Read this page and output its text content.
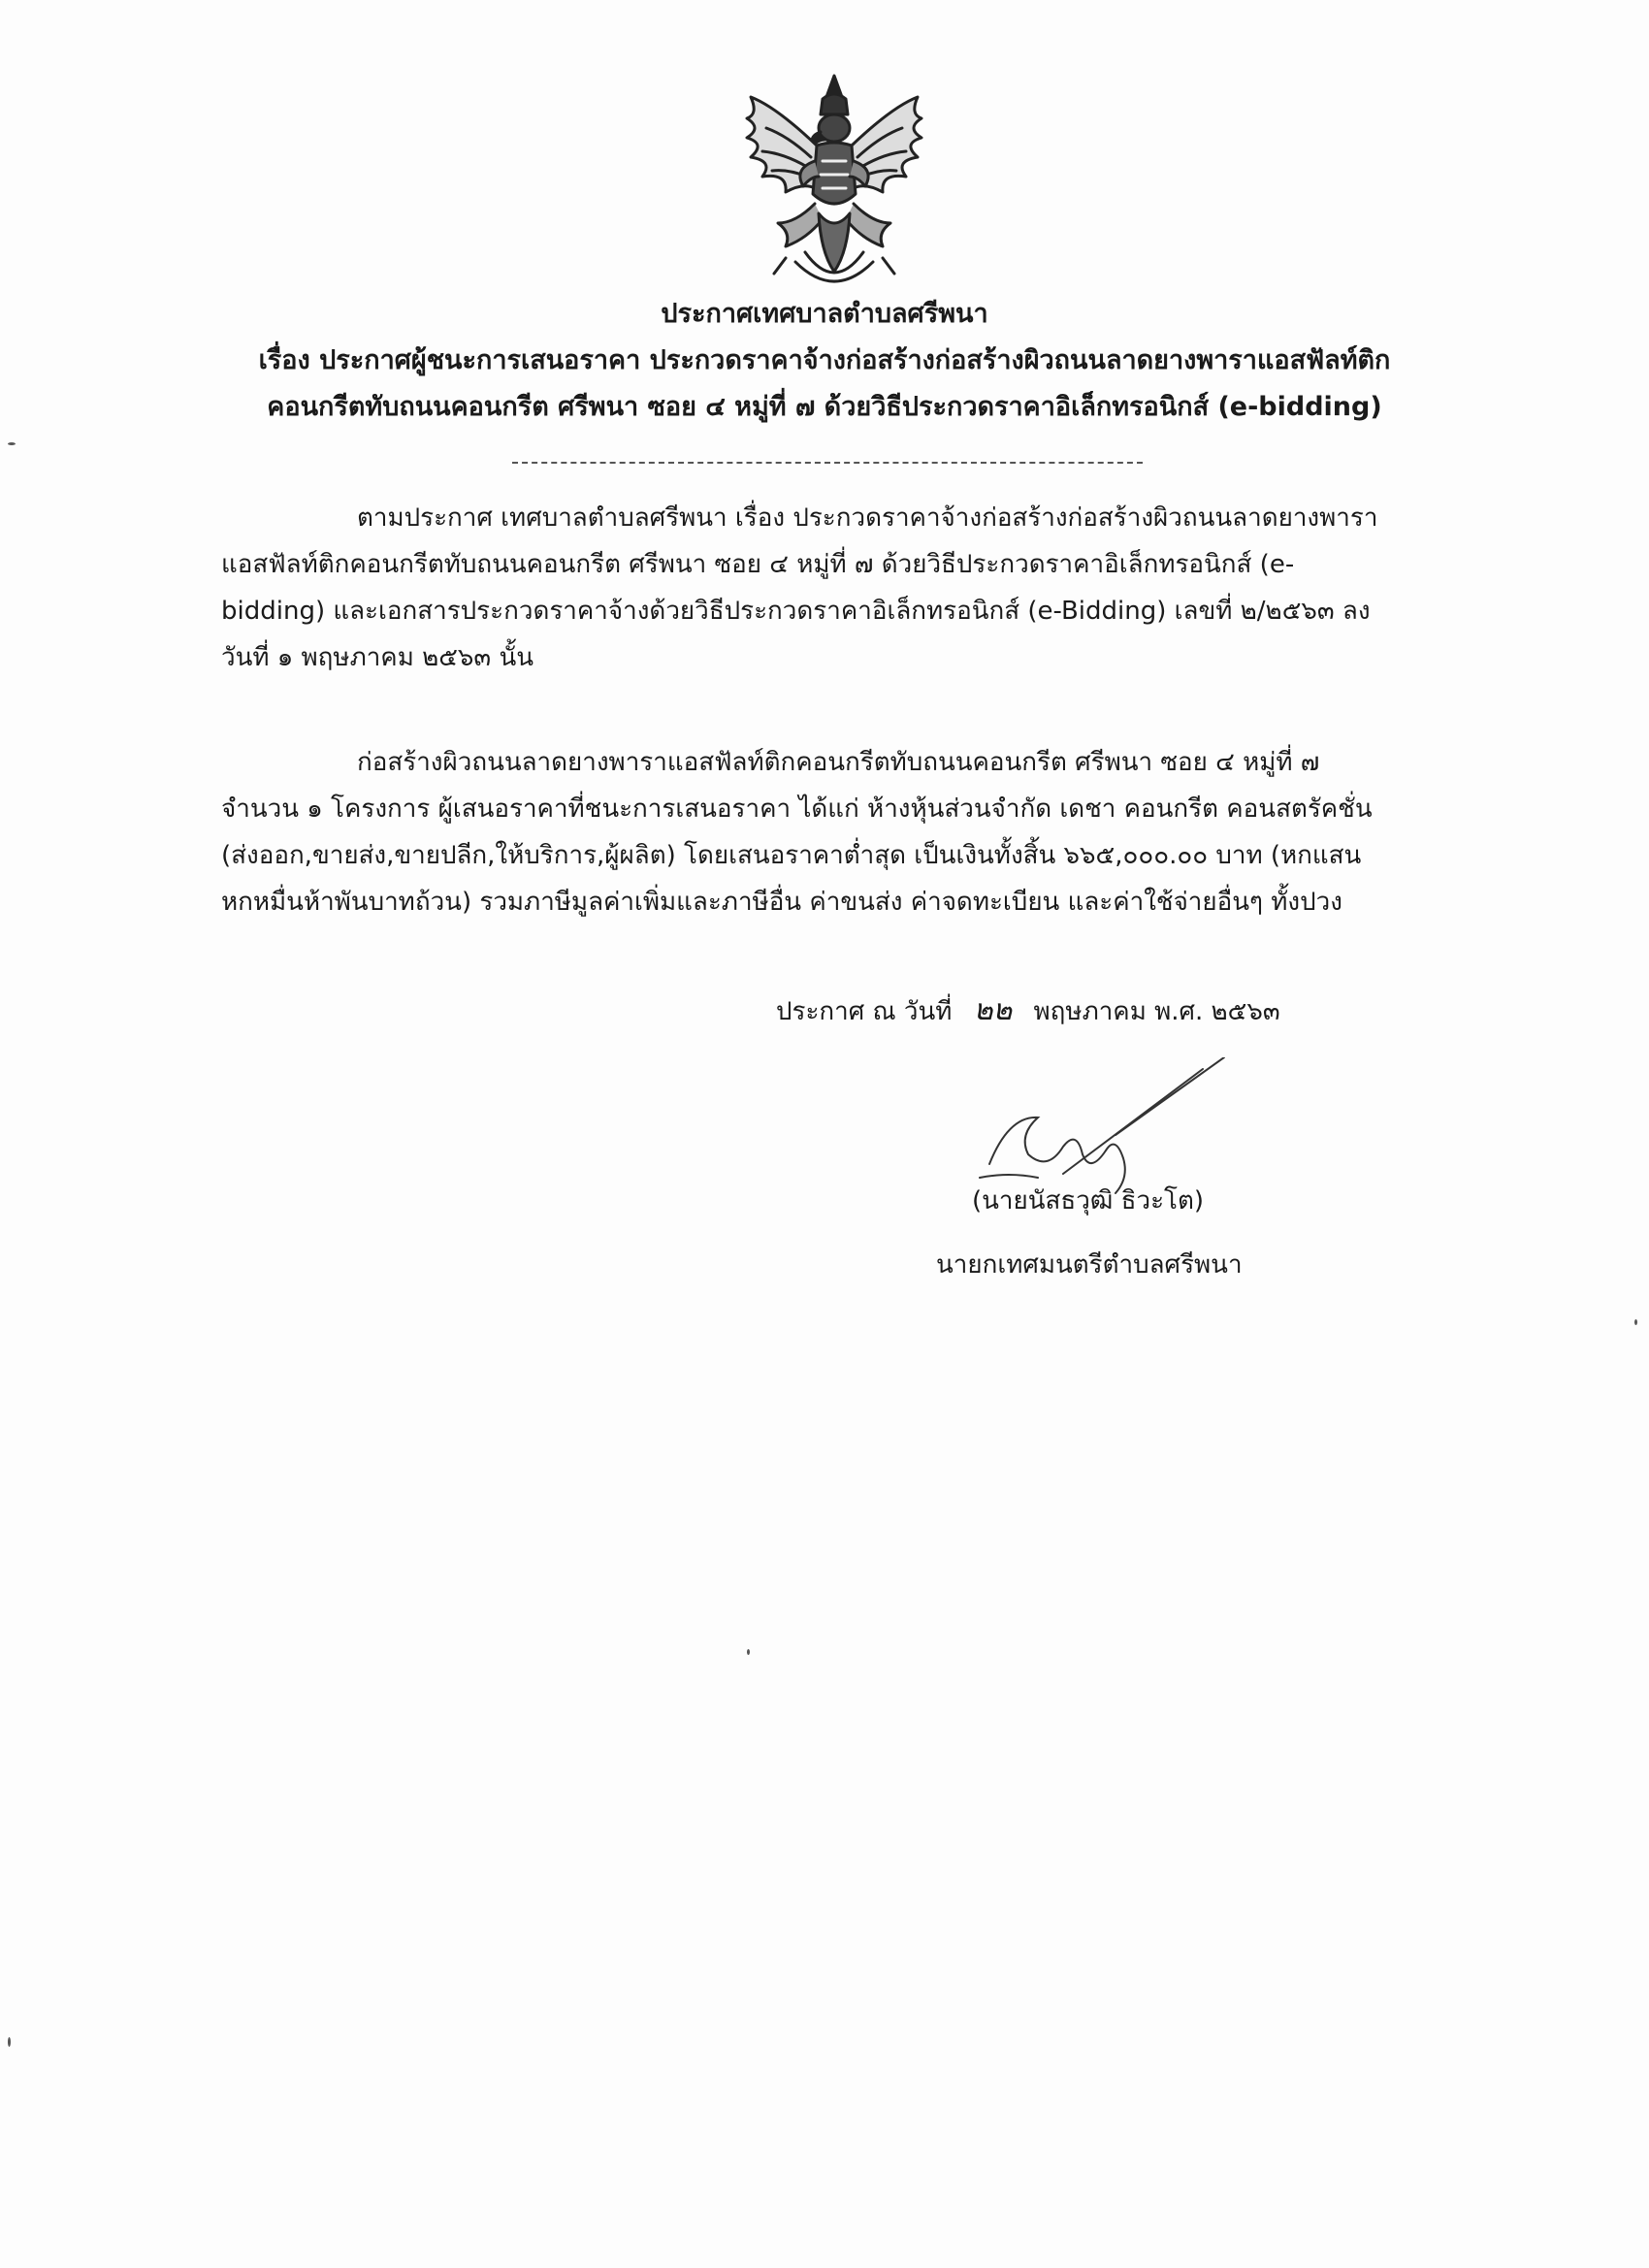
ประกาศเทศบาลตำบลศรีพนา
เรื่อง ประกาศผู้ชนะการเสนอราคา ประกวดราคาจ้างก่อสร้างก่อสร้างผิวถนนลาดยางพาราแอสฟัลท์ติก
คอนกรีตทับถนนคอนกรีต ศรีพนา ซอย ๔ หมู่ที่ ๗ ด้วยวิธีประกวดราคาอิเล็กทรอนิกส์ (e-bidding)
ตามประกาศ เทศบาลตำบลศรีพนา เรื่อง ประกวดราคาจ้างก่อสร้างก่อสร้างผิวถนนลาดยางพารา
แอสฟัลท์ติกคอนกรีตทับถนนคอนกรีต ศรีพนา ซอย ๔ หมู่ที่ ๗ ด้วยวิธีประกวดราคาอิเล็กทรอนิกส์ (e-
bidding) และเอกสารประกวดราคาจ้างด้วยวิธีประกวดราคาอิเล็กทรอนิกส์ (e-Bidding) เลขที่ ๒/๒๕๖๓ ลง
วันที่ ๑ พฤษภาคม ๒๕๖๓ นั้น
ก่อสร้างผิวถนนลาดยางพาราแอสฟัลท์ติกคอนกรีตทับถนนคอนกรีต ศรีพนา ซอย ๔ หมู่ที่ ๗
จำนวน ๑ โครงการ ผู้เสนอราคาที่ชนะการเสนอราคา ได้แก่ ห้างหุ้นส่วนจำกัด เดชา คอนกรีต คอนสตรัคชั่น
(ส่งออก,ขายส่ง,ขายปลีก,ให้บริการ,ผู้ผลิต) โดยเสนอราคาต่ำสุด เป็นเงินทั้งสิ้น ๖๖๕,๐๐๐.๐๐ บาท (หกแสน
หกหมื่นห้าพันบาทถ้วน) รวมภาษีมูลค่าเพิ่มและภาษีอื่น ค่าขนส่ง ค่าจดทะเบียน และค่าใช้จ่ายอื่นๆ ทั้งปวง
ประกาศ ณ วันที่ ๒๒ พฤษภาคม พ.ศ. ๒๕๖๓
(นายนัสธวุฒิ ธิวะโต)
นายกเทศมนตรีตำบลศรีพนา
